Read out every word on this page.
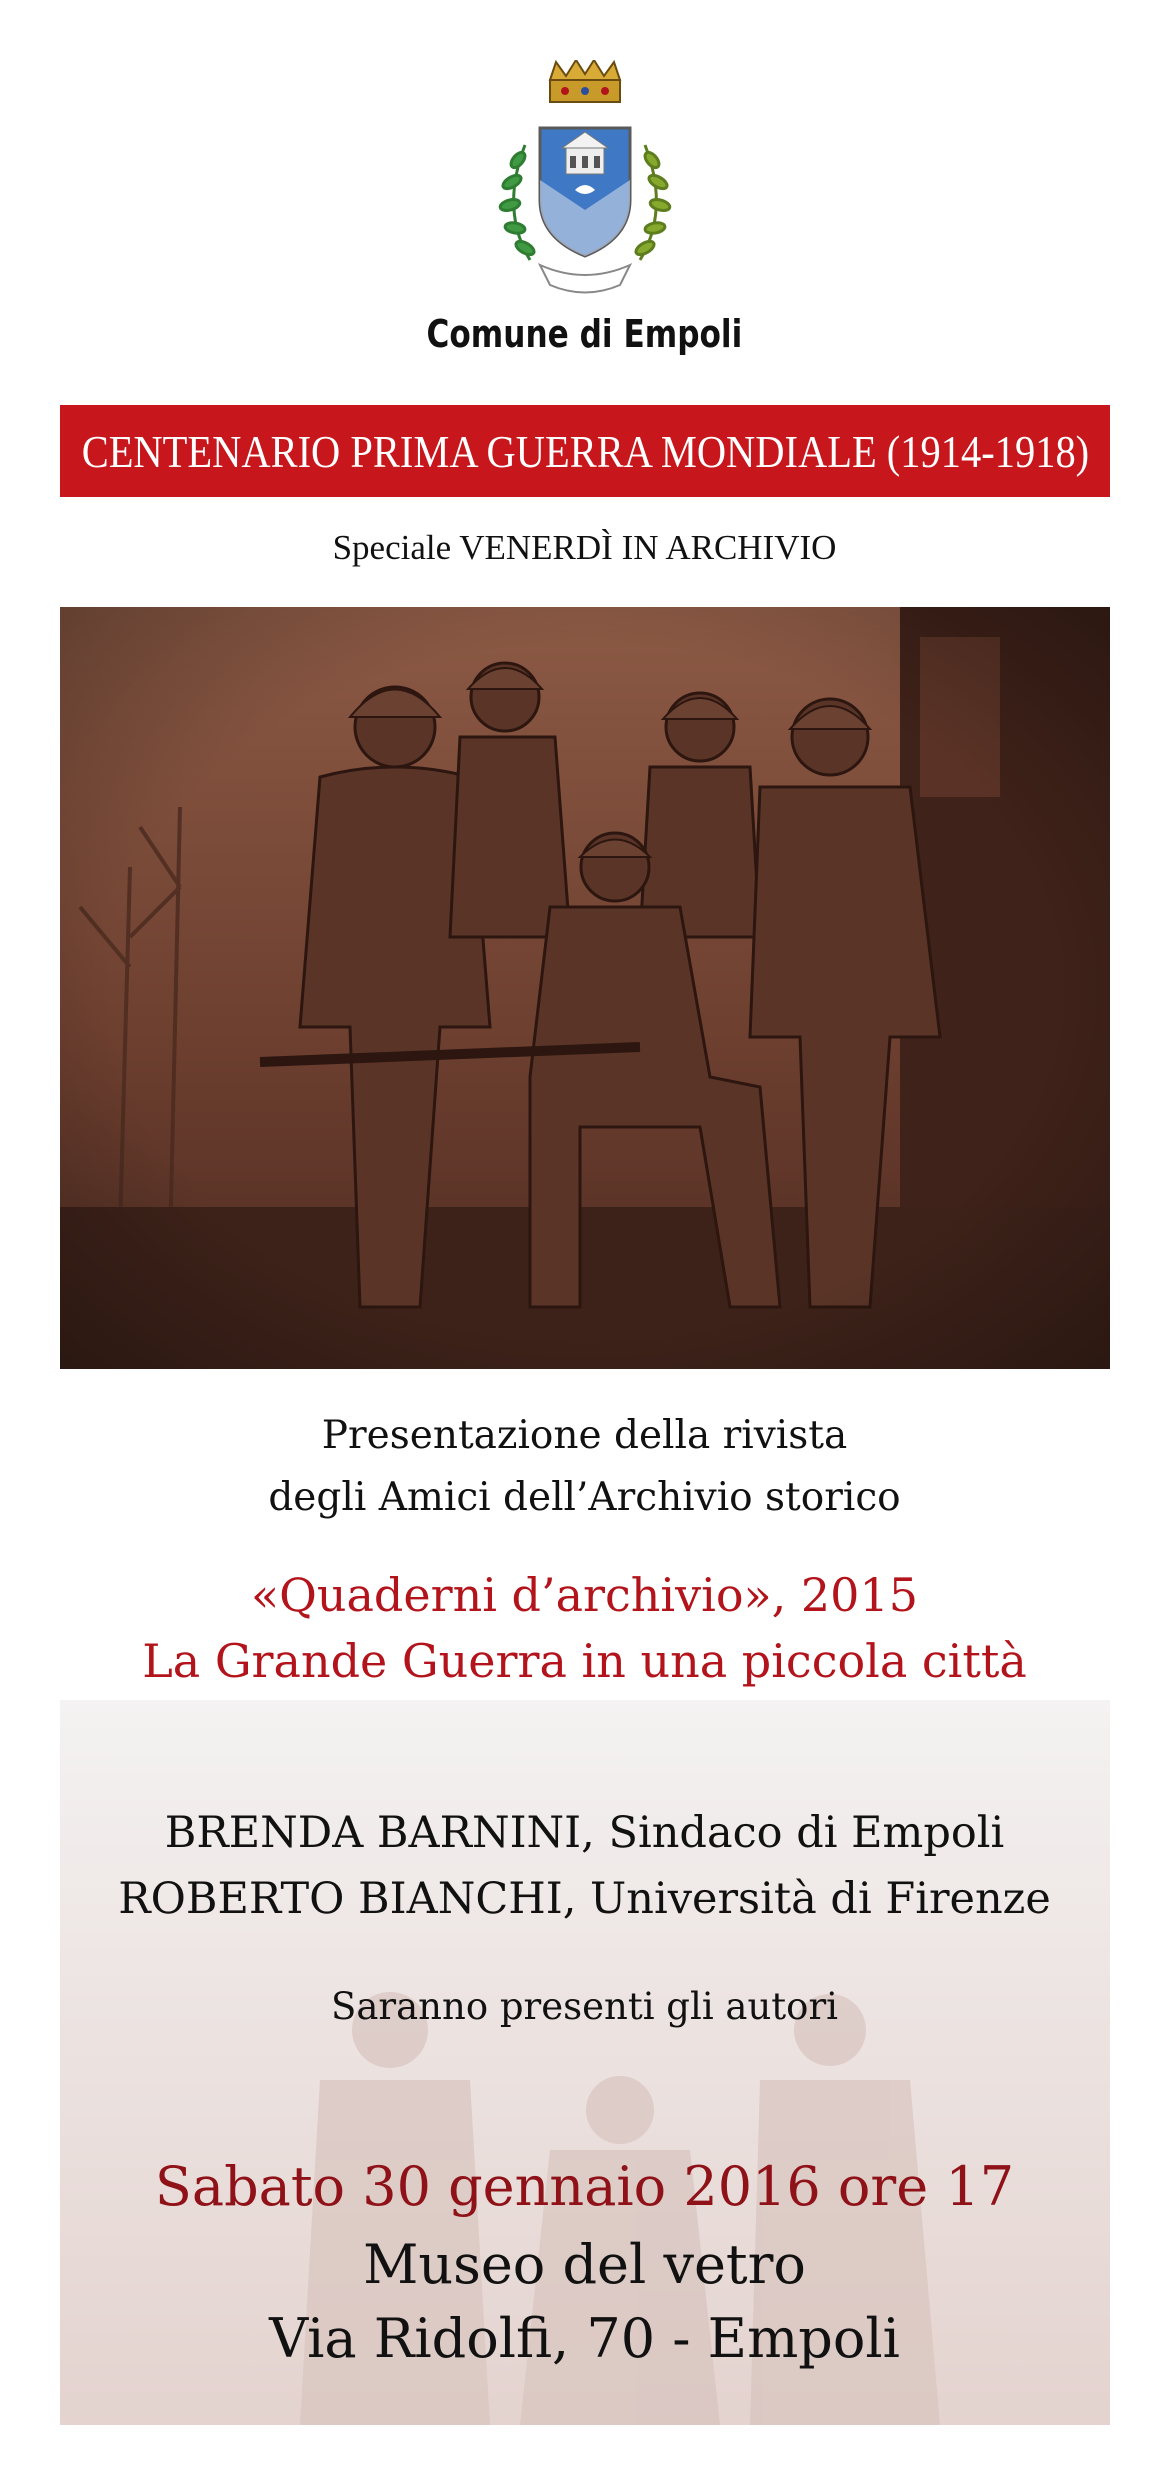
Comune di Empoli
CENTENARIO PRIMA GUERRA MONDIALE (1914-1918)
Speciale VENERDÌ IN ARCHIVIO
Presentazione della rivista
degli Amici dell’Archivio storico
«Quaderni d’archivio», 2015
La Grande Guerra in una piccola città
BRENDA BARNINI, Sindaco di Empoli
ROBERTO BIANCHI, Università di Firenze
Saranno presenti gli autori
Sabato 30 gennaio 2016 ore 17
Museo del vetro
Via Ridolfi, 70 - Empoli
